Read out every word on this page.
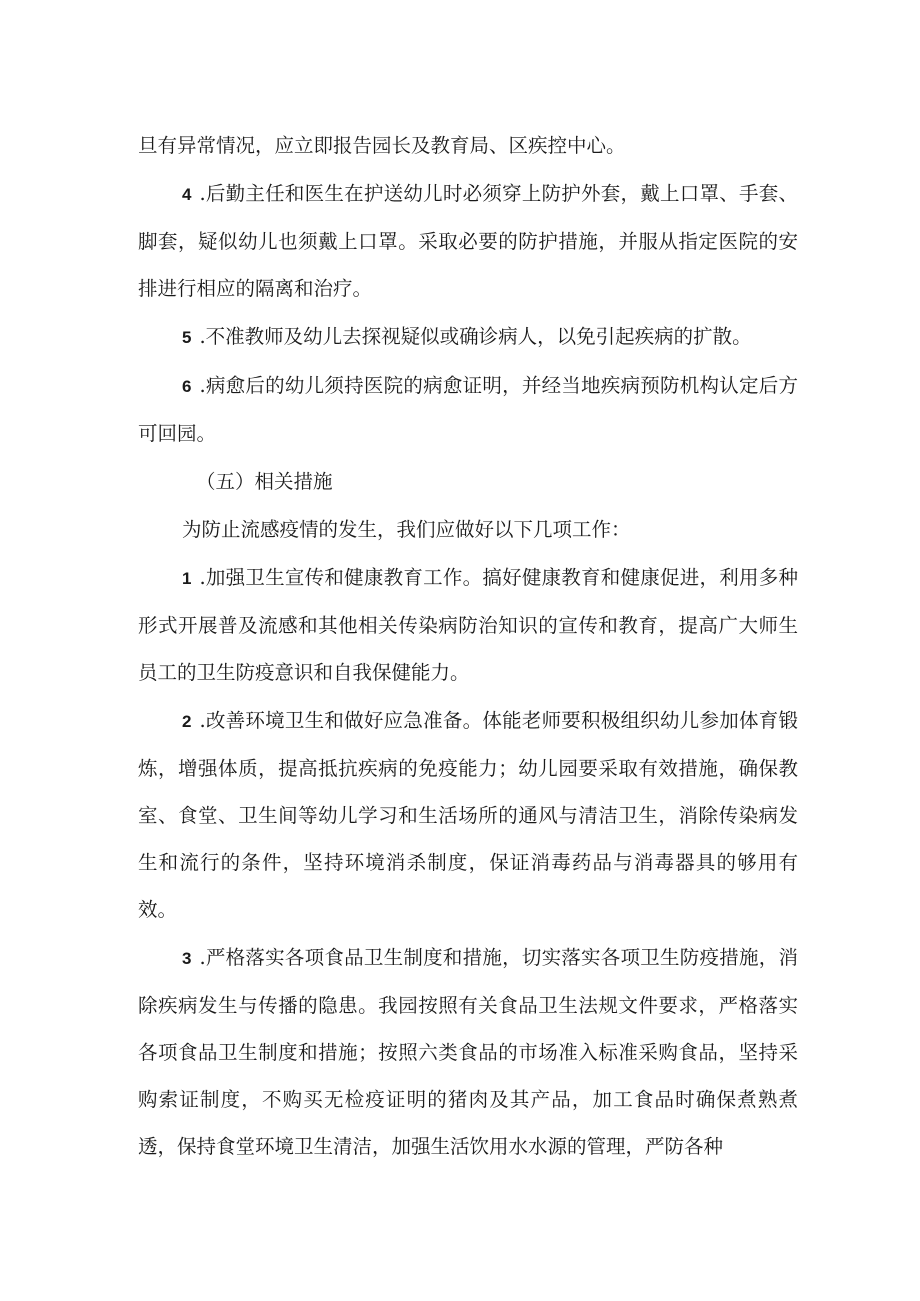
旦有异常情况，应立即报告园长及教育局、区疾控中心。

4 .后勤主任和医生在护送幼儿时必须穿上防护外套，戴上口罩、手套、脚套，疑似幼儿也须戴上口罩。采取必要的防护措施，并服从指定医院的安排进行相应的隔离和治疗。

5 .不准教师及幼儿去探视疑似或确诊病人，以免引起疾病的扩散。

6 .病愈后的幼儿须持医院的病愈证明，并经当地疾病预防机构认定后方可回园。

（五）相关措施

为防止流感疫情的发生，我们应做好以下几项工作：

1 .加强卫生宣传和健康教育工作。搞好健康教育和健康促进，利用多种形式开展普及流感和其他相关传染病防治知识的宣传和教育，提高广大师生员工的卫生防疫意识和自我保健能力。

2 .改善环境卫生和做好应急准备。体能老师要积极组织幼儿参加体育锻炼，增强体质，提高抵抗疾病的免疫能力；幼儿园要采取有效措施，确保教室、食堂、卫生间等幼儿学习和生活场所的通风与清洁卫生，消除传染病发生和流行的条件，坚持环境消杀制度，保证消毒药品与消毒器具的够用有效。

3 .严格落实各项食品卫生制度和措施，切实落实各项卫生防疫措施，消除疾病发生与传播的隐患。我园按照有关食品卫生法规文件要求，严格落实各项食品卫生制度和措施；按照六类食品的市场准入标准采购食品，坚持采购索证制度，不购买无检疫证明的猪肉及其产品，加工食品时确保煮熟煮透，保持食堂环境卫生清洁，加强生活饮用水水源的管理，严防各种
